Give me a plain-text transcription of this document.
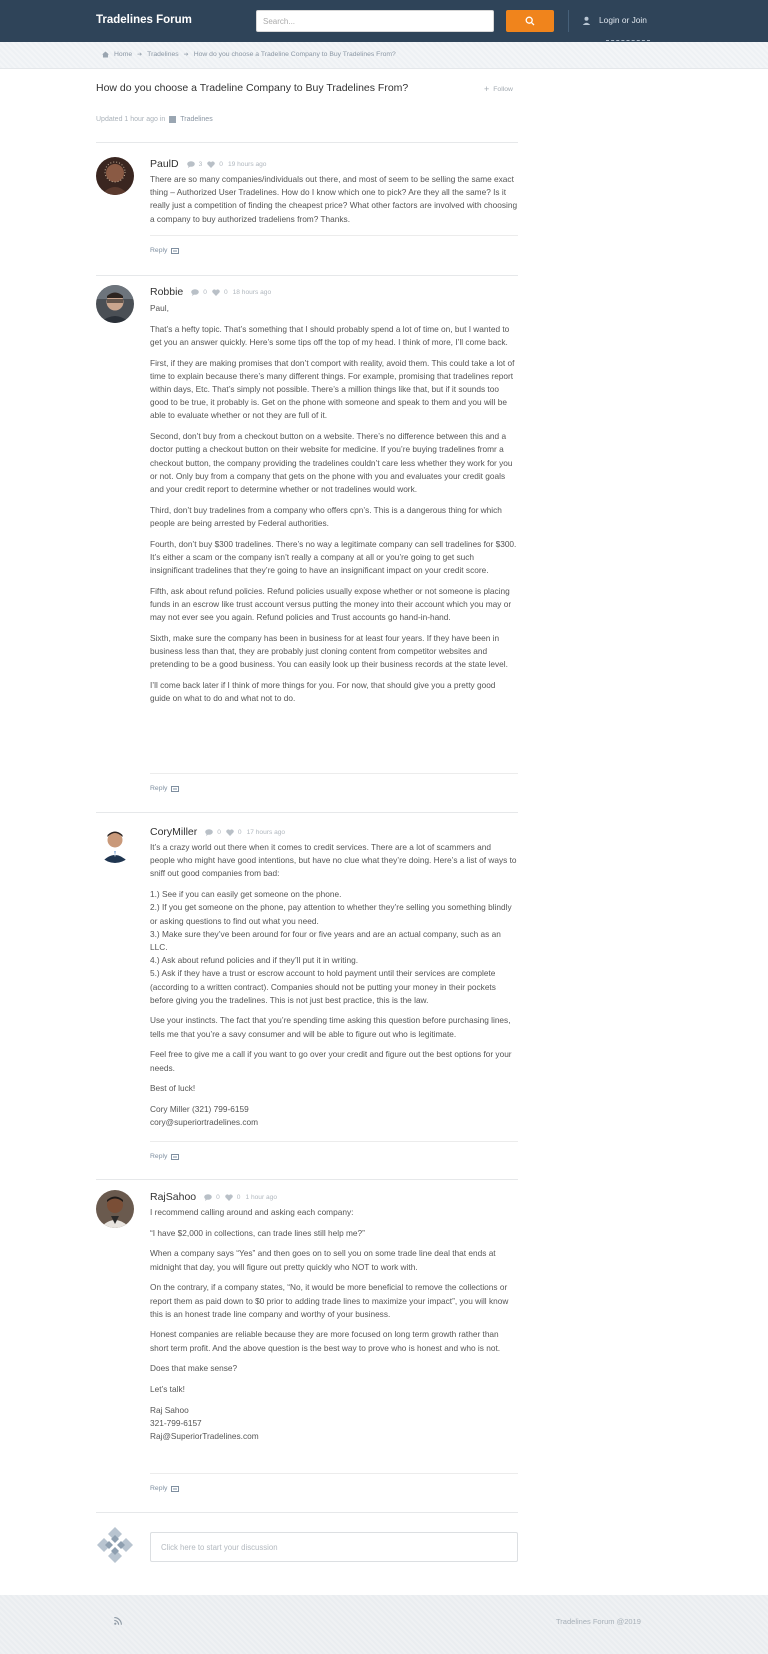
Tradelines Forum
Search...	Login or Join
Home ➔ Tradelines ➔ How do you choose a Tradeline Company to Buy Tradelines From?
How do you choose a Tradeline Company to Buy Tradelines From?	+ Follow
Updated 1 hour ago in Tradelines
PaulD	3	0 19 hours ago

There are so many companies/individuals out there, and most of seem to be selling the same exact thing – Authorized User Tradelines. How do I know which one to pick? Are they all the same? Is it really just a competition of finding the cheapest price? What other factors are involved with choosing a company to buy authorized tradeliens from? Thanks.

Reply
Robbie	0	0 18 hours ago

Paul,

That’s a hefty topic. That’s something that I should probably spend a lot of time on, but I wanted to get you an answer quickly. Here’s some tips off the top of my head. I think of more, I’ll come back.

First, if they are making promises that don’t comport with reality, avoid them. This could take a lot of time to explain because there’s many different things. For example, promising that tradelines report within days, Etc. That’s simply not possible. There’s a million things like that, but if it sounds too good to be true, it probably is. Get on the phone with someone and speak to them and you will be able to evaluate whether or not they are full of it.

Second, don’t buy from a checkout button on a website. There’s no difference between this and a doctor putting a checkout button on their website for medicine. If you’re buying tradelines fromr a checkout button, the company providing the tradelines couldn’t care less whether they work for you or not. Only buy from a company that gets on the phone with you and evaluates your credit goals and your credit report to determine whether or not tradelines would work.

Third, don’t buy tradelines from a company who offers cpn’s. This is a dangerous thing for which people are being arrested by Federal authorities.

Fourth, don’t buy $300 tradelines. There’s no way a legitimate company can sell tradelines for $300. It’s either a scam or the company isn’t really a company at all or you’re going to get such insignificant tradelines that they’re going to have an insignificant impact on your credit score.

Fifth, ask about refund policies. Refund policies usually expose whether or not someone is placing funds in an escrow like trust account versus putting the money into their account which you may or may not ever see you again. Refund policies and Trust accounts go hand-in-hand.

Sixth, make sure the company has been in business for at least four years. If they have been in business less than that, they are probably just cloning content from competitor websites and pretending to be a good business. You can easily look up their business records at the state level.

I’ll come back later if I think of more things for you. For now, that should give you a pretty good guide on what to do and what not to do.

Reply
CoryMiller	0	0 17 hours ago

It’s a crazy world out there when it comes to credit services. There are a lot of scammers and people who might have good intentions, but have no clue what they’re doing. Here’s a list of ways to sniff out good companies from bad:

1.) See if you can easily get someone on the phone.

2.) If you get someone on the phone, pay attention to whether they’re selling you something blindly or asking questions to find out what you need.

3.) Make sure they’ve been around for four or five years and are an actual company, such as an LLC.

4.) Ask about refund policies and if they’ll put it in writing.

5.) Ask if they have a trust or escrow account to hold payment until their services are complete (according to a written contract). Companies should not be putting your money in their pockets before giving you the tradelines. This is not just best practice, this is the law.

Use your instincts. The fact that you’re spending time asking this question before purchasing lines, tells me that you’re a savy consumer and will be able to figure out who is legitimate.

Feel free to give me a call if you want to go over your credit and figure out the best options for your needs.

Best of luck!

Cory Miller (321) 799-6159

cory@superiortradelines.com

Reply
RajSahoo	0	0 1 hour ago

I recommend calling around and asking each company:

“I have $2,000 in collections, can trade lines still help me?”

When a company says “Yes” and then goes on to sell you on some trade line deal that ends at midnight that day, you will figure out pretty quickly who NOT to work with.

On the contrary, if a company states, “No, it would be more beneficial to remove the collections or report them as paid down to $0 prior to adding trade lines to maximize your impact”, you will know this is an honest trade line company and worthy of your business.

Honest companies are reliable because they are more focused on long term growth rather than short term profit. And the above question is the best way to prove who is honest and who is not.

Does that make sense?

Let’s talk!

Raj Sahoo

321-799-6157

Raj@SuperiorTradelines.com

Reply
Click here to start your discussion
Tradelines Forum @2019
